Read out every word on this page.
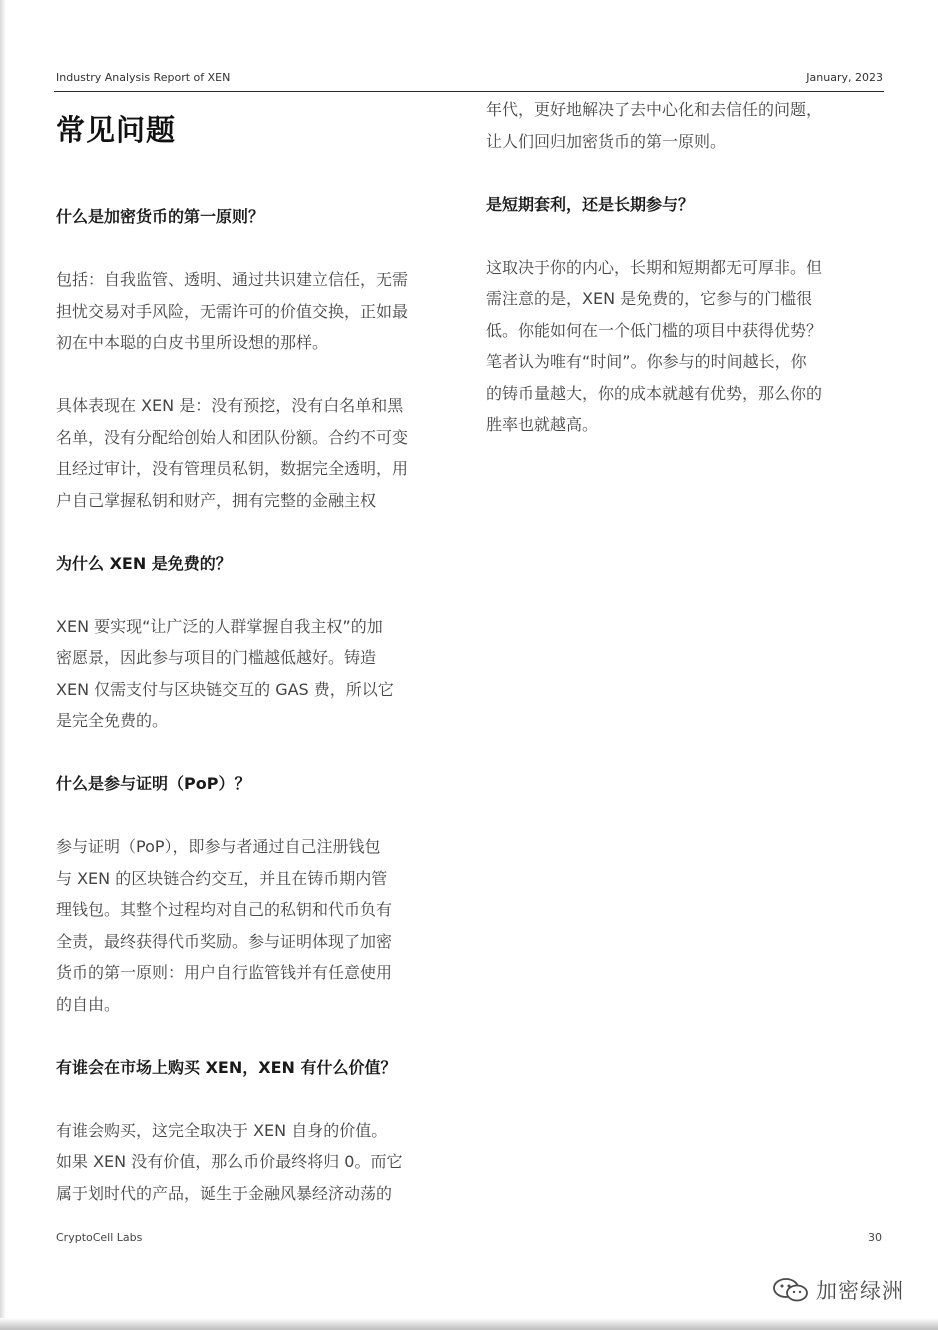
Industry Analysis Report of XEN	January, 2023
常见问题
什么是加密货币的第一原则？
包括：自我监管、透明、通过共识建立信任，无需
担忧交易对手风险，无需许可的价值交换，正如最
初在中本聪的白皮书里所设想的那样。
具体表现在 XEN 是：没有预挖，没有白名单和黑
名单，没有分配给创始人和团队份额。合约不可变
且经过审计，没有管理员私钥，数据完全透明，用
户自己掌握私钥和财产，拥有完整的金融主权
为什么 XEN 是免费的？
XEN 要实现“让广泛的人群掌握自我主权”的加
密愿景，因此参与项目的门槛越低越好。铸造
XEN 仅需支付与区块链交互的 GAS 费，所以它
是完全免费的。
什么是参与证明（PoP）？
参与证明（PoP），即参与者通过自己注册钱包
与 XEN 的区块链合约交互，并且在铸币期内管
理钱包。其整个过程均对自己的私钥和代币负有
全责，最终获得代币奖励。参与证明体现了加密
货币的第一原则：用户自行监管钱并有任意使用
的自由。
有谁会在市场上购买 XEN，XEN 有什么价值？
有谁会购买，这完全取决于 XEN 自身的价值。
如果 XEN 没有价值，那么币价最终将归 0。而它
属于划时代的产品，诞生于金融风暴经济动荡的
年代，更好地解决了去中心化和去信任的问题，
让人们回归加密货币的第一原则。
是短期套利，还是长期参与？
这取决于你的内心，长期和短期都无可厚非。但
需注意的是，XEN 是免费的，它参与的门槛很
低。你能如何在一个低门槛的项目中获得优势？
笔者认为唯有“时间”。你参与的时间越长，你
的铸币量越大，你的成本就越有优势，那么你的
胜率也就越高。
CryptoCell Labs	30
加密绿洲
